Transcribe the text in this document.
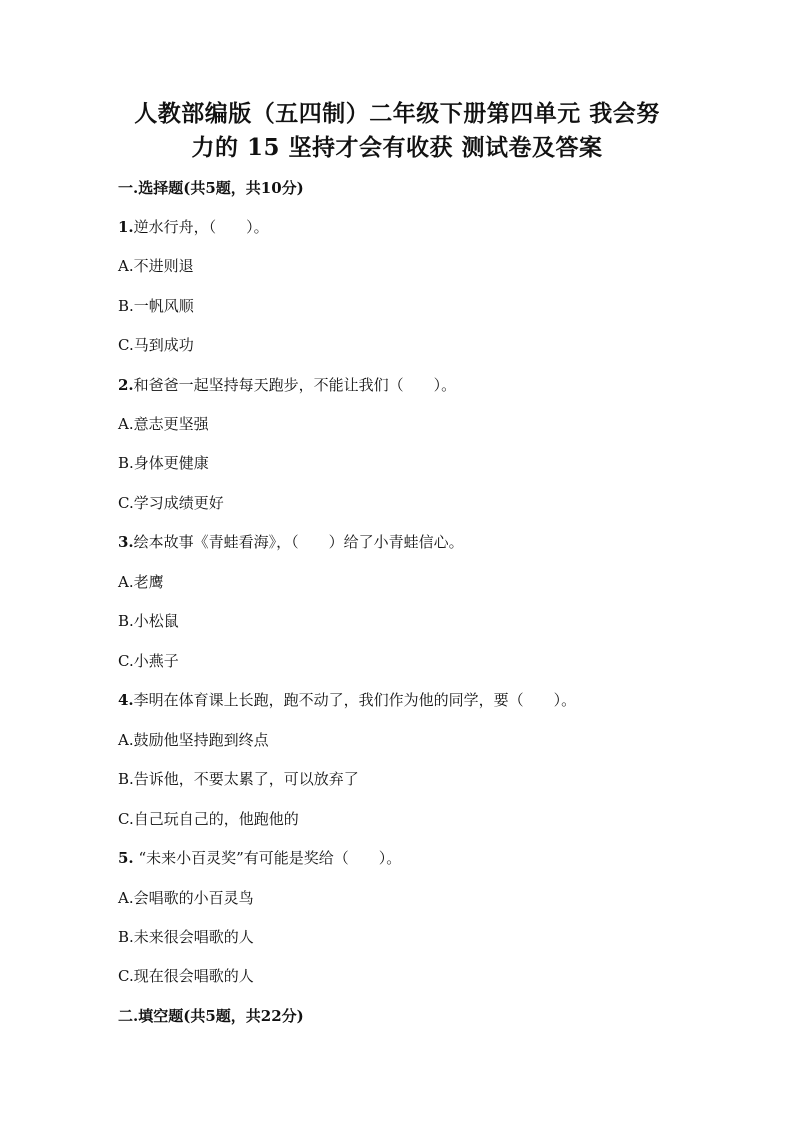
人教部编版（五四制）二年级下册第四单元 我会努
力的 15 坚持才会有收获 测试卷及答案
一.选择题(共5题，共10分)
1.逆水行舟，（　　）。
A.不进则退
B.一帆风顺
C.马到成功
2.和爸爸一起坚持每天跑步，不能让我们（　　）。
A.意志更坚强
B.身体更健康
C.学习成绩更好
3.绘本故事《青蛙看海》，（　　）给了小青蛙信心。
A.老鹰
B.小松鼠
C.小燕子
4.李明在体育课上长跑，跑不动了，我们作为他的同学，要（　　）。
A.鼓励他坚持跑到终点
B.告诉他，不要太累了，可以放弃了
C.自己玩自己的，他跑他的
5. “未来小百灵奖”有可能是奖给（　　）。
A.会唱歌的小百灵鸟
B.未来很会唱歌的人
C.现在很会唱歌的人
二.填空题(共5题，共22分)
